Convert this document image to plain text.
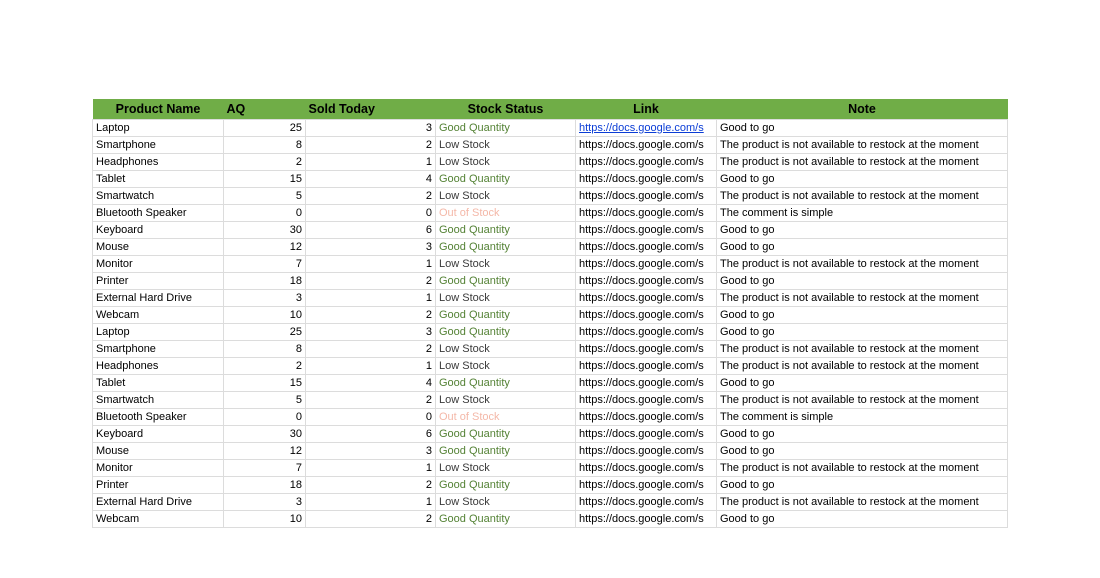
Product Name	AQ	Sold Today	Stock Status	Link	Note
Laptop	25	3	Good Quantity	https://docs.google.com/s	Good to go
Smartphone	8	2	Low Stock	https://docs.google.com/s	The product is not available to restock at the moment
Headphones	2	1	Low Stock	https://docs.google.com/s	The product is not available to restock at the moment
Tablet	15	4	Good Quantity	https://docs.google.com/s	Good to go
Smartwatch	5	2	Low Stock	https://docs.google.com/s	The product is not available to restock at the moment
Bluetooth Speaker	0	0	Out of Stock	https://docs.google.com/s	The comment is simple
Keyboard	30	6	Good Quantity	https://docs.google.com/s	Good to go
Mouse	12	3	Good Quantity	https://docs.google.com/s	Good to go
Monitor	7	1	Low Stock	https://docs.google.com/s	The product is not available to restock at the moment
Printer	18	2	Good Quantity	https://docs.google.com/s	Good to go
External Hard Drive	3	1	Low Stock	https://docs.google.com/s	The product is not available to restock at the moment
Webcam	10	2	Good Quantity	https://docs.google.com/s	Good to go
Laptop	25	3	Good Quantity	https://docs.google.com/s	Good to go
Smartphone	8	2	Low Stock	https://docs.google.com/s	The product is not available to restock at the moment
Headphones	2	1	Low Stock	https://docs.google.com/s	The product is not available to restock at the moment
Tablet	15	4	Good Quantity	https://docs.google.com/s	Good to go
Smartwatch	5	2	Low Stock	https://docs.google.com/s	The product is not available to restock at the moment
Bluetooth Speaker	0	0	Out of Stock	https://docs.google.com/s	The comment is simple
Keyboard	30	6	Good Quantity	https://docs.google.com/s	Good to go
Mouse	12	3	Good Quantity	https://docs.google.com/s	Good to go
Monitor	7	1	Low Stock	https://docs.google.com/s	The product is not available to restock at the moment
Printer	18	2	Good Quantity	https://docs.google.com/s	Good to go
External Hard Drive	3	1	Low Stock	https://docs.google.com/s	The product is not available to restock at the moment
Webcam	10	2	Good Quantity	https://docs.google.com/s	Good to go
